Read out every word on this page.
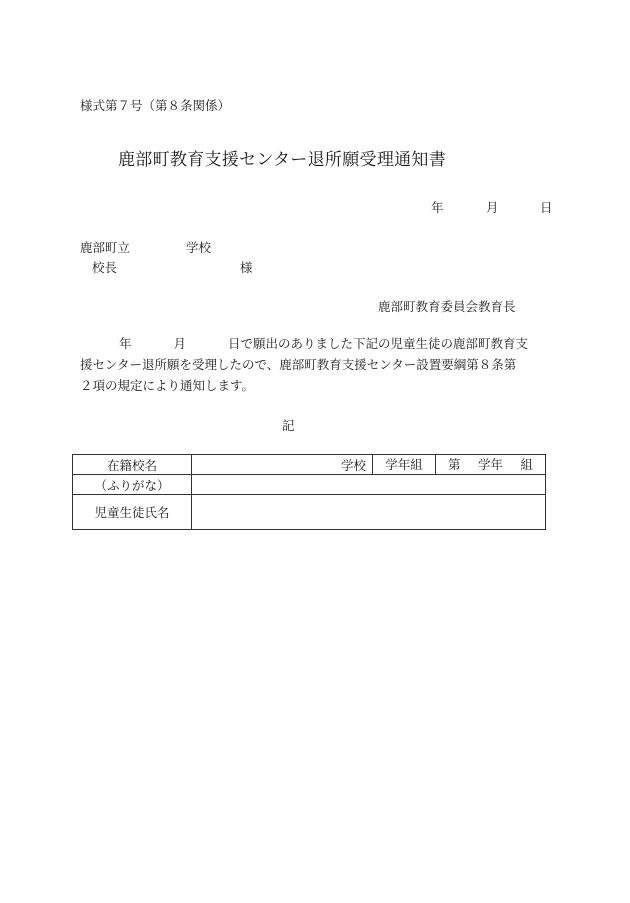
様式第７号（第８条関係）
鹿部町教育支援センター退所願受理通知書
年	月	日
鹿部町立	学校
校長	様
鹿部町教育委員会教育長
年	月	日で願出のありました下記の児童生徒の鹿部町教育支
援センター退所願を受理したので、鹿部町教育支援センター設置要綱第８条第
２項の規定により通知します。
記
在籍校名	学校 学年組 第 学年 組

（ふりがな）	
児童生徒氏名	
